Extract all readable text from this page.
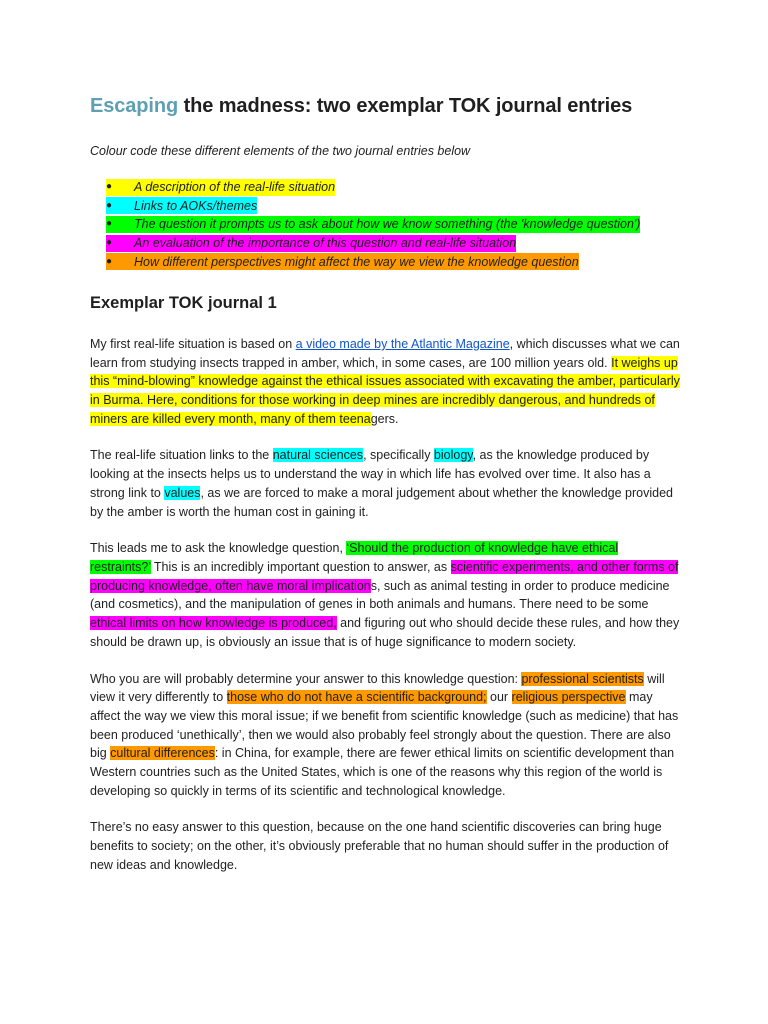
Escaping the madness: two exemplar TOK journal entries

Colour code these different elements of the two journal entries below

●	A description of the real-life situation
●	Links to AOKs/themes
●	The question it prompts us to ask about how we know something (the 'knowledge question')
●	An evaluation of the importance of this question and real-life situation
●	How different perspectives might affect the way we view the knowledge question
Exemplar TOK journal 1

My first real-life situation is based on a video made by the Atlantic Magazine, which discusses what we can learn from studying insects trapped in amber, which, in some cases, are 100 million years old. It weighs up this “mind-blowing” knowledge against the ethical issues associated with excavating the amber, particularly in Burma. Here, conditions for those working in deep mines are incredibly dangerous, and hundreds of miners are killed every month, many of them teenagers.

The real-life situation links to the natural sciences, specifically biology, as the knowledge produced by looking at the insects helps us to understand the way in which life has evolved over time. It also has a strong link to values, as we are forced to make a moral judgement about whether the knowledge provided by the amber is worth the human cost in gaining it.

This leads me to ask the knowledge question, ‘Should the production of knowledge have ethical restraints?’ This is an incredibly important question to answer, as scientific experiments, and other forms of producing knowledge, often have moral implications, such as animal testing in order to produce medicine (and cosmetics), and the manipulation of genes in both animals and humans. There need to be some ethical limits on how knowledge is produced, and figuring out who should decide these rules, and how they should be drawn up, is obviously an issue that is of huge significance to modern society.

Who you are will probably determine your answer to this knowledge question: professional scientists will view it very differently to those who do not have a scientific background; our religious perspective may affect the way we view this moral issue; if we benefit from scientific knowledge (such as medicine) that has been produced ‘unethically’, then we would also probably feel strongly about the question. There are also big cultural differences: in China, for example, there are fewer ethical limits on scientific development than Western countries such as the United States, which is one of the reasons why this region of the world is developing so quickly in terms of its scientific and technological knowledge.

There’s no easy answer to this question, because on the one hand scientific discoveries can bring huge benefits to society; on the other, it’s obviously preferable that no human should suffer in the production of new ideas and knowledge.
